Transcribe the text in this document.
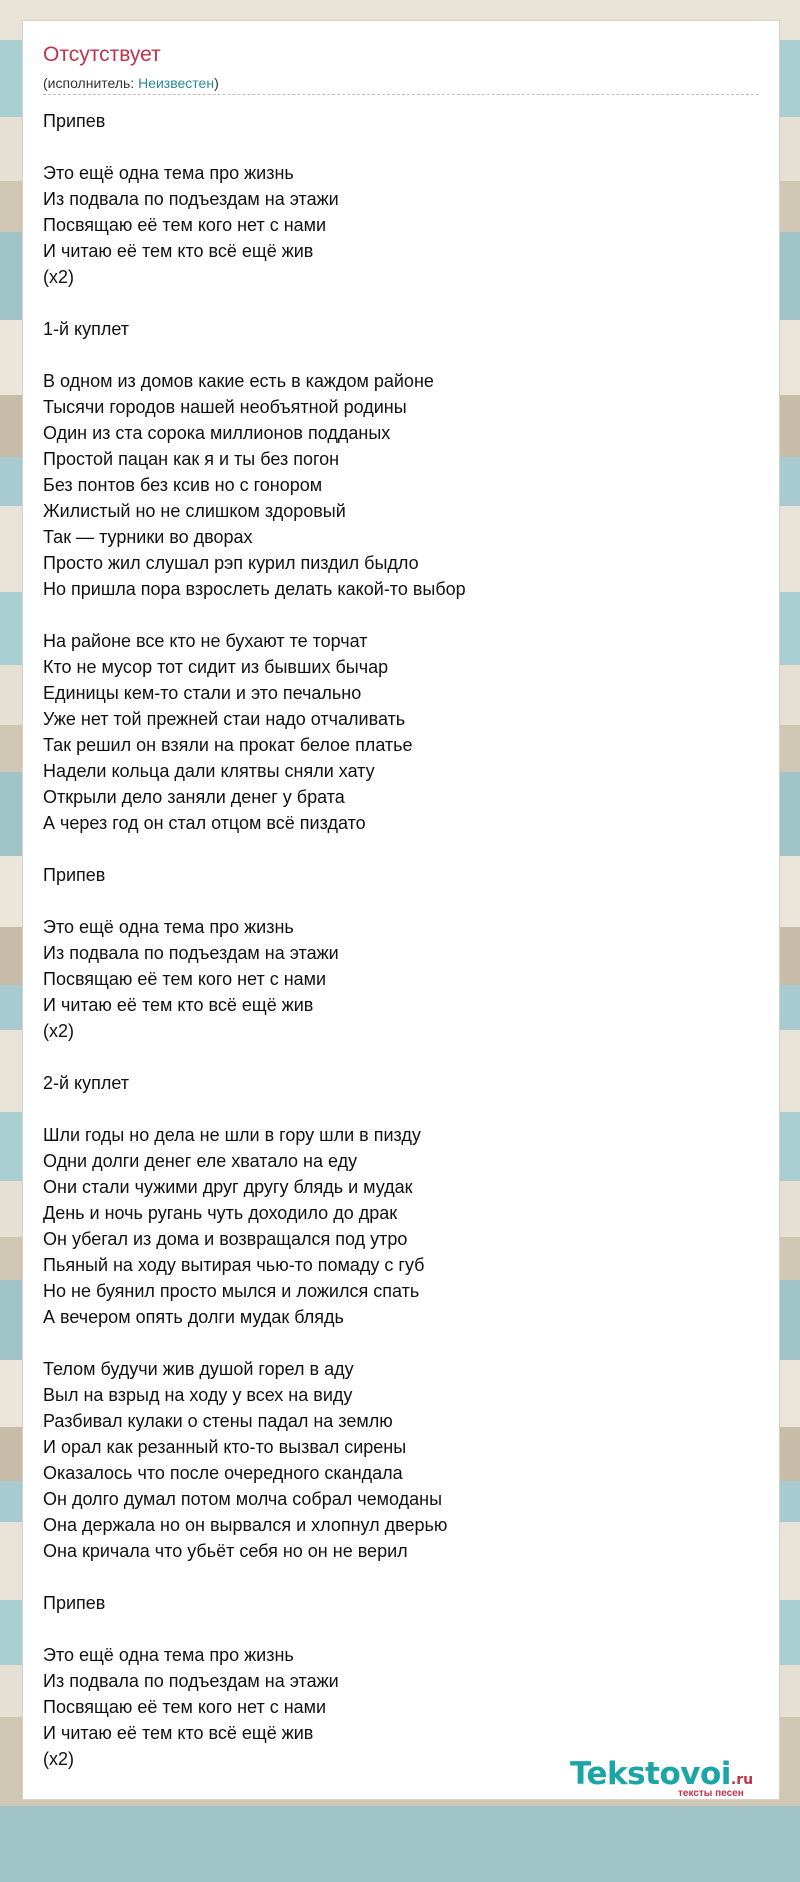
Отсутствует
(исполнитель: Неизвестен)
Припев

Это ещё одна тема про жизнь
Из подвала по подъездам на этажи
Посвящаю её тем кого нет с нами
И читаю её тем кто всё ещё жив
(х2)

1-й куплет

В одном из домов какие есть в каждом районе
Тысячи городов нашей необъятной родины
Один из ста сорока миллионов подданых
Простой пацан как я и ты без погон
Без понтов без ксив но с гонором
Жилистый но не слишком здоровый
Так — турники во дворах
Просто жил слушал рэп курил пиздил быдло
Но пришла пора взрослеть делать какой-то выбор

На районе все кто не бухают те торчат
Кто не мусор тот сидит из бывших бычар
Единицы кем-то стали и это печально
Уже нет той прежней стаи надо отчаливать
Так решил он взяли на прокат белое платье
Надели кольца дали клятвы сняли хату
Открыли дело заняли денег у брата
А через год он стал отцом всё пиздато

Припев

Это ещё одна тема про жизнь
Из подвала по подъездам на этажи
Посвящаю её тем кого нет с нами
И читаю её тем кто всё ещё жив
(х2)

2-й куплет

Шли годы но дела не шли в гору шли в пизду
Одни долги денег еле хватало на еду
Они стали чужими друг другу блядь и мудак
День и ночь ругань чуть доходило до драк
Он убегал из дома и возвращался под утро
Пьяный на ходу вытирая чью-то помаду с губ
Но не буянил просто мылся и ложился спать
А вечером опять долги мудак блядь

Телом будучи жив душой горел в аду
Выл на взрыд на ходу у всех на виду
Разбивал кулаки о стены падал на землю
И орал как резанный кто-то вызвал сирены
Оказалось что после очередного скандала
Он долго думал потом молча собрал чемоданы
Она держала но он вырвался и хлопнул дверью
Она кричала что убьёт себя но он не верил

Припев

Это ещё одна тема про жизнь
Из подвала по подъездам на этажи
Посвящаю её тем кого нет с нами
И читаю её тем кто всё ещё жив
(х2)	Tekstovoi.ru
тексты песен
